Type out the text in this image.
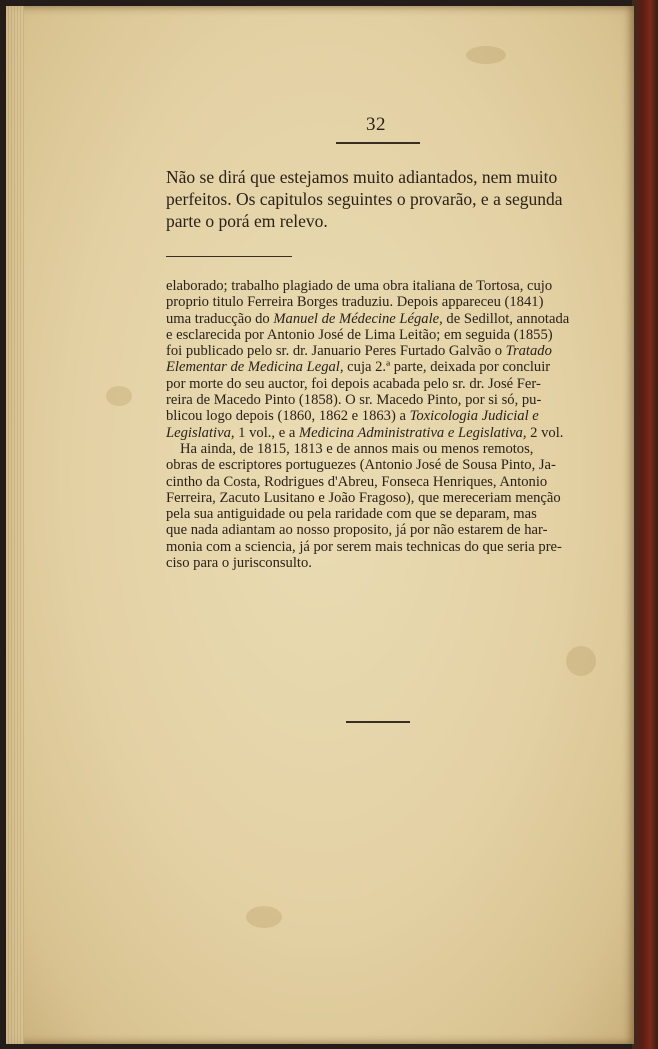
32
Não se dirá que estejamos muito adiantados, nem muito
perfeitos. Os capitulos seguintes o provarão, e a segunda
parte o porá em relevo.
elaborado; trabalho plagiado de uma obra italiana de Tortosa, cujo
proprio titulo Ferreira Borges traduziu. Depois appareceu (1841)
uma traducção do Manuel de Médecine Légale, de Sedillot, annotada
e esclarecida por Antonio José de Lima Leitão; em seguida (1855)
foi publicado pelo sr. dr. Januario Peres Furtado Galvão o Tratado
Elementar de Medicina Legal, cuja 2.ª parte, deixada por concluir
por morte do seu auctor, foi depois acabada pelo sr. dr. José Fer-
reira de Macedo Pinto (1858). O sr. Macedo Pinto, por si só, pu-
blicou logo depois (1860, 1862 e 1863) a Toxicologia Judicial e
Legislativa, 1 vol., e a Medicina Administrativa e Legislativa, 2 vol.
Ha ainda, de 1815, 1813 e de annos mais ou menos remotos,
obras de escriptores portuguezes (Antonio José de Sousa Pinto, Ja-
cintho da Costa, Rodrigues d'Abreu, Fonseca Henriques, Antonio
Ferreira, Zacuto Lusitano e João Fragoso), que mereceriam menção
pela sua antiguidade ou pela raridade com que se deparam, mas
que nada adiantam ao nosso proposito, já por não estarem de har-
monia com a sciencia, já por serem mais technicas do que seria pre-
ciso para o jurisconsulto.
